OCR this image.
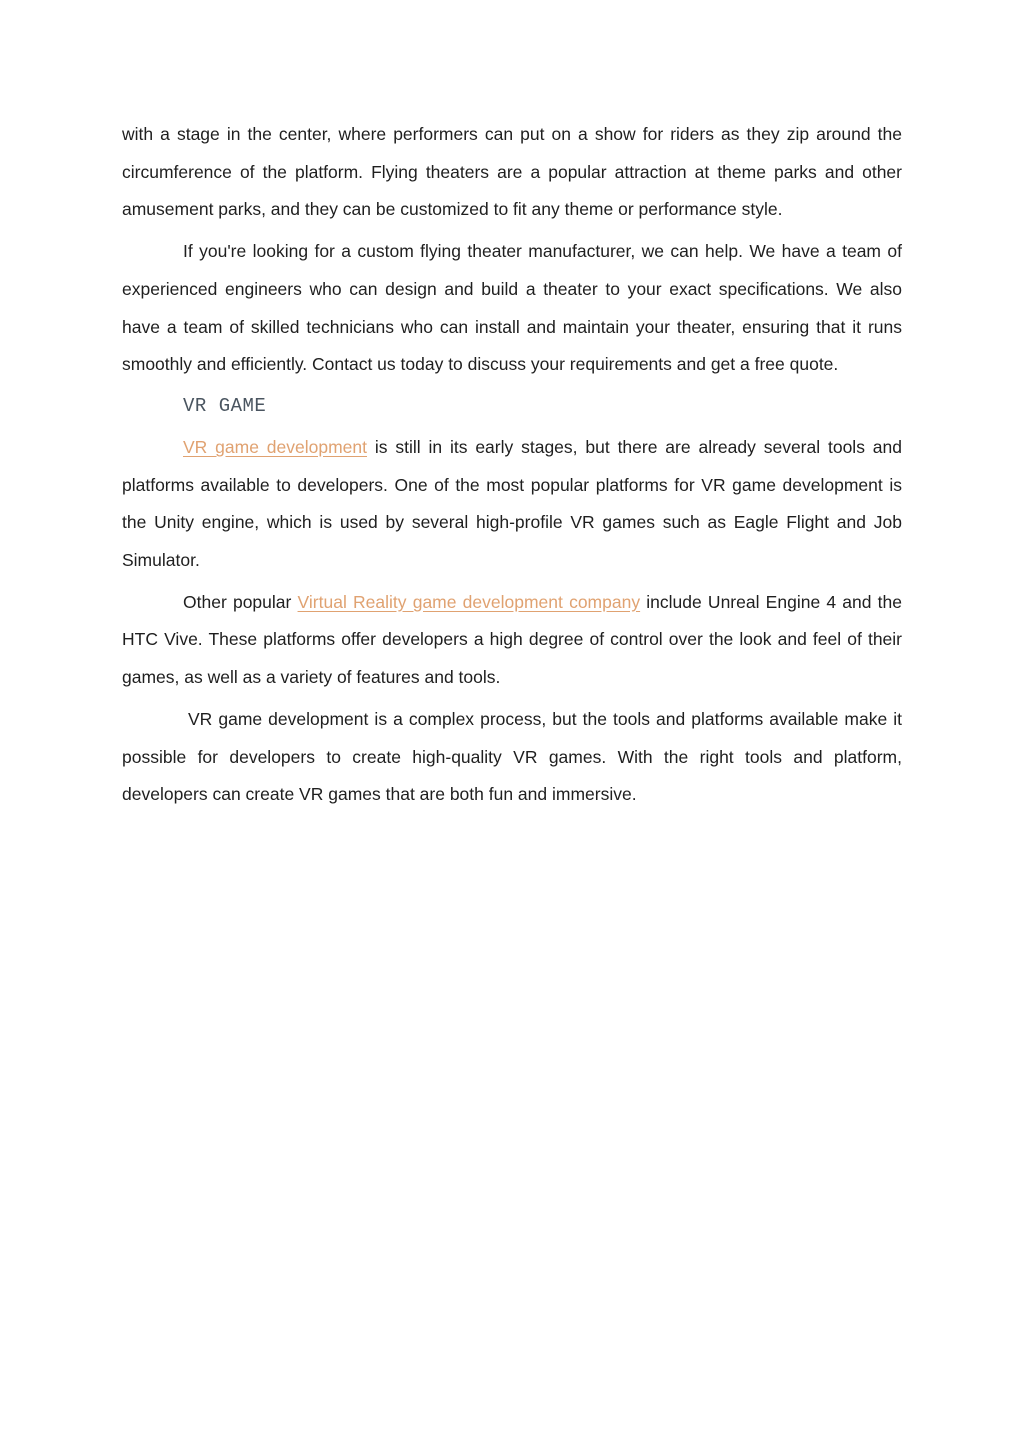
with a stage in the center, where performers can put on a show for riders as they zip around the circumference of the platform. Flying theaters are a popular attraction at theme parks and other amusement parks, and they can be customized to fit any theme or performance style.

If you're looking for a custom flying theater manufacturer, we can help. We have a team of experienced engineers who can design and build a theater to your exact specifications. We also have a team of skilled technicians who can install and maintain your theater, ensuring that it runs smoothly and efficiently. Contact us today to discuss your requirements and get a free quote.

VR GAME

VR game development is still in its early stages, but there are already several tools and platforms available to developers. One of the most popular platforms for VR game development is the Unity engine, which is used by several high-profile VR games such as Eagle Flight and Job Simulator.

Other popular Virtual Reality game development company include Unreal Engine 4 and the HTC Vive. These platforms offer developers a high degree of control over the look and feel of their games, as well as a variety of features and tools.

VR game development is a complex process, but the tools and platforms available make it possible for developers to create high-quality VR games. With the right tools and platform, developers can create VR games that are both fun and immersive.
